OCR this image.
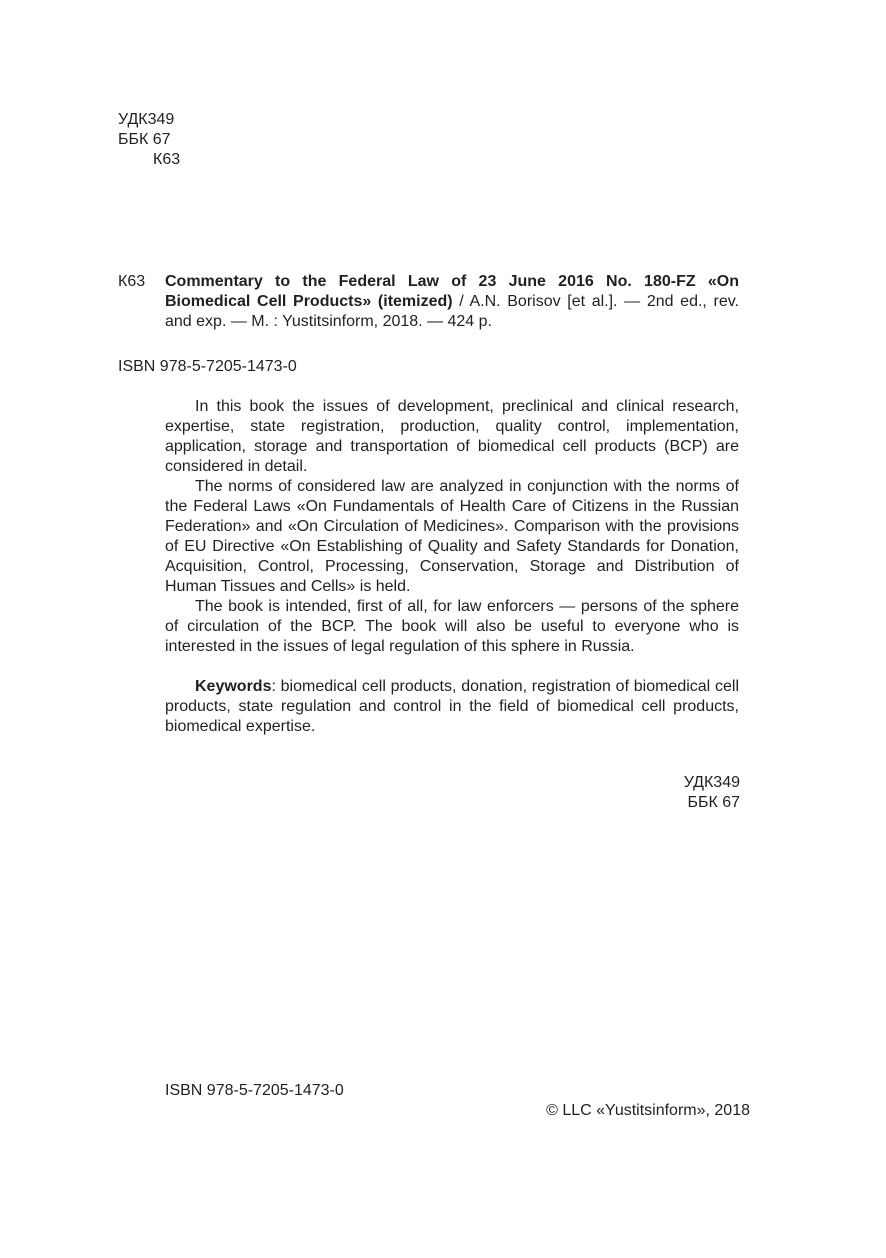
УДК349
ББК 67
К63
К63 Commentary to the Federal Law of 23 June 2016 No. 180-FZ «On Biomedical Cell Products» (itemized) / A.N. Borisov [et al.]. — 2nd ed., rev. and exp. — M. : Yustitsinform, 2018. — 424 p.
ISBN 978-5-7205-1473-0

In this book the issues of development, preclinical and clinical research, expertise, state registration, production, quality control, implementation, application, storage and transportation of biomedical cell products (BCP) are considered in detail.

The norms of considered law are analyzed in conjunction with the norms of the Federal Laws «On Fundamentals of Health Care of Citizens in the Russian Federation» and «On Circulation of Medicines». Comparison with the provisions of EU Directive «On Establishing of Quality and Safety Standards for Donation, Acquisition, Control, Processing, Conservation, Storage and Distribution of Human Tissues and Cells» is held.

The book is intended, first of all, for law enforcers — persons of the sphere of circulation of the BCP. The book will also be useful to everyone who is interested in the issues of legal regulation of this sphere in Russia.

Keywords: biomedical cell products, donation, registration of biomedical cell products, state regulation and control in the field of biomedical cell products, biomedical expertise.

УДК349
ББК 67
ISBN 978-5-7205-1473-0
© LLC «Yustitsinform», 2018
